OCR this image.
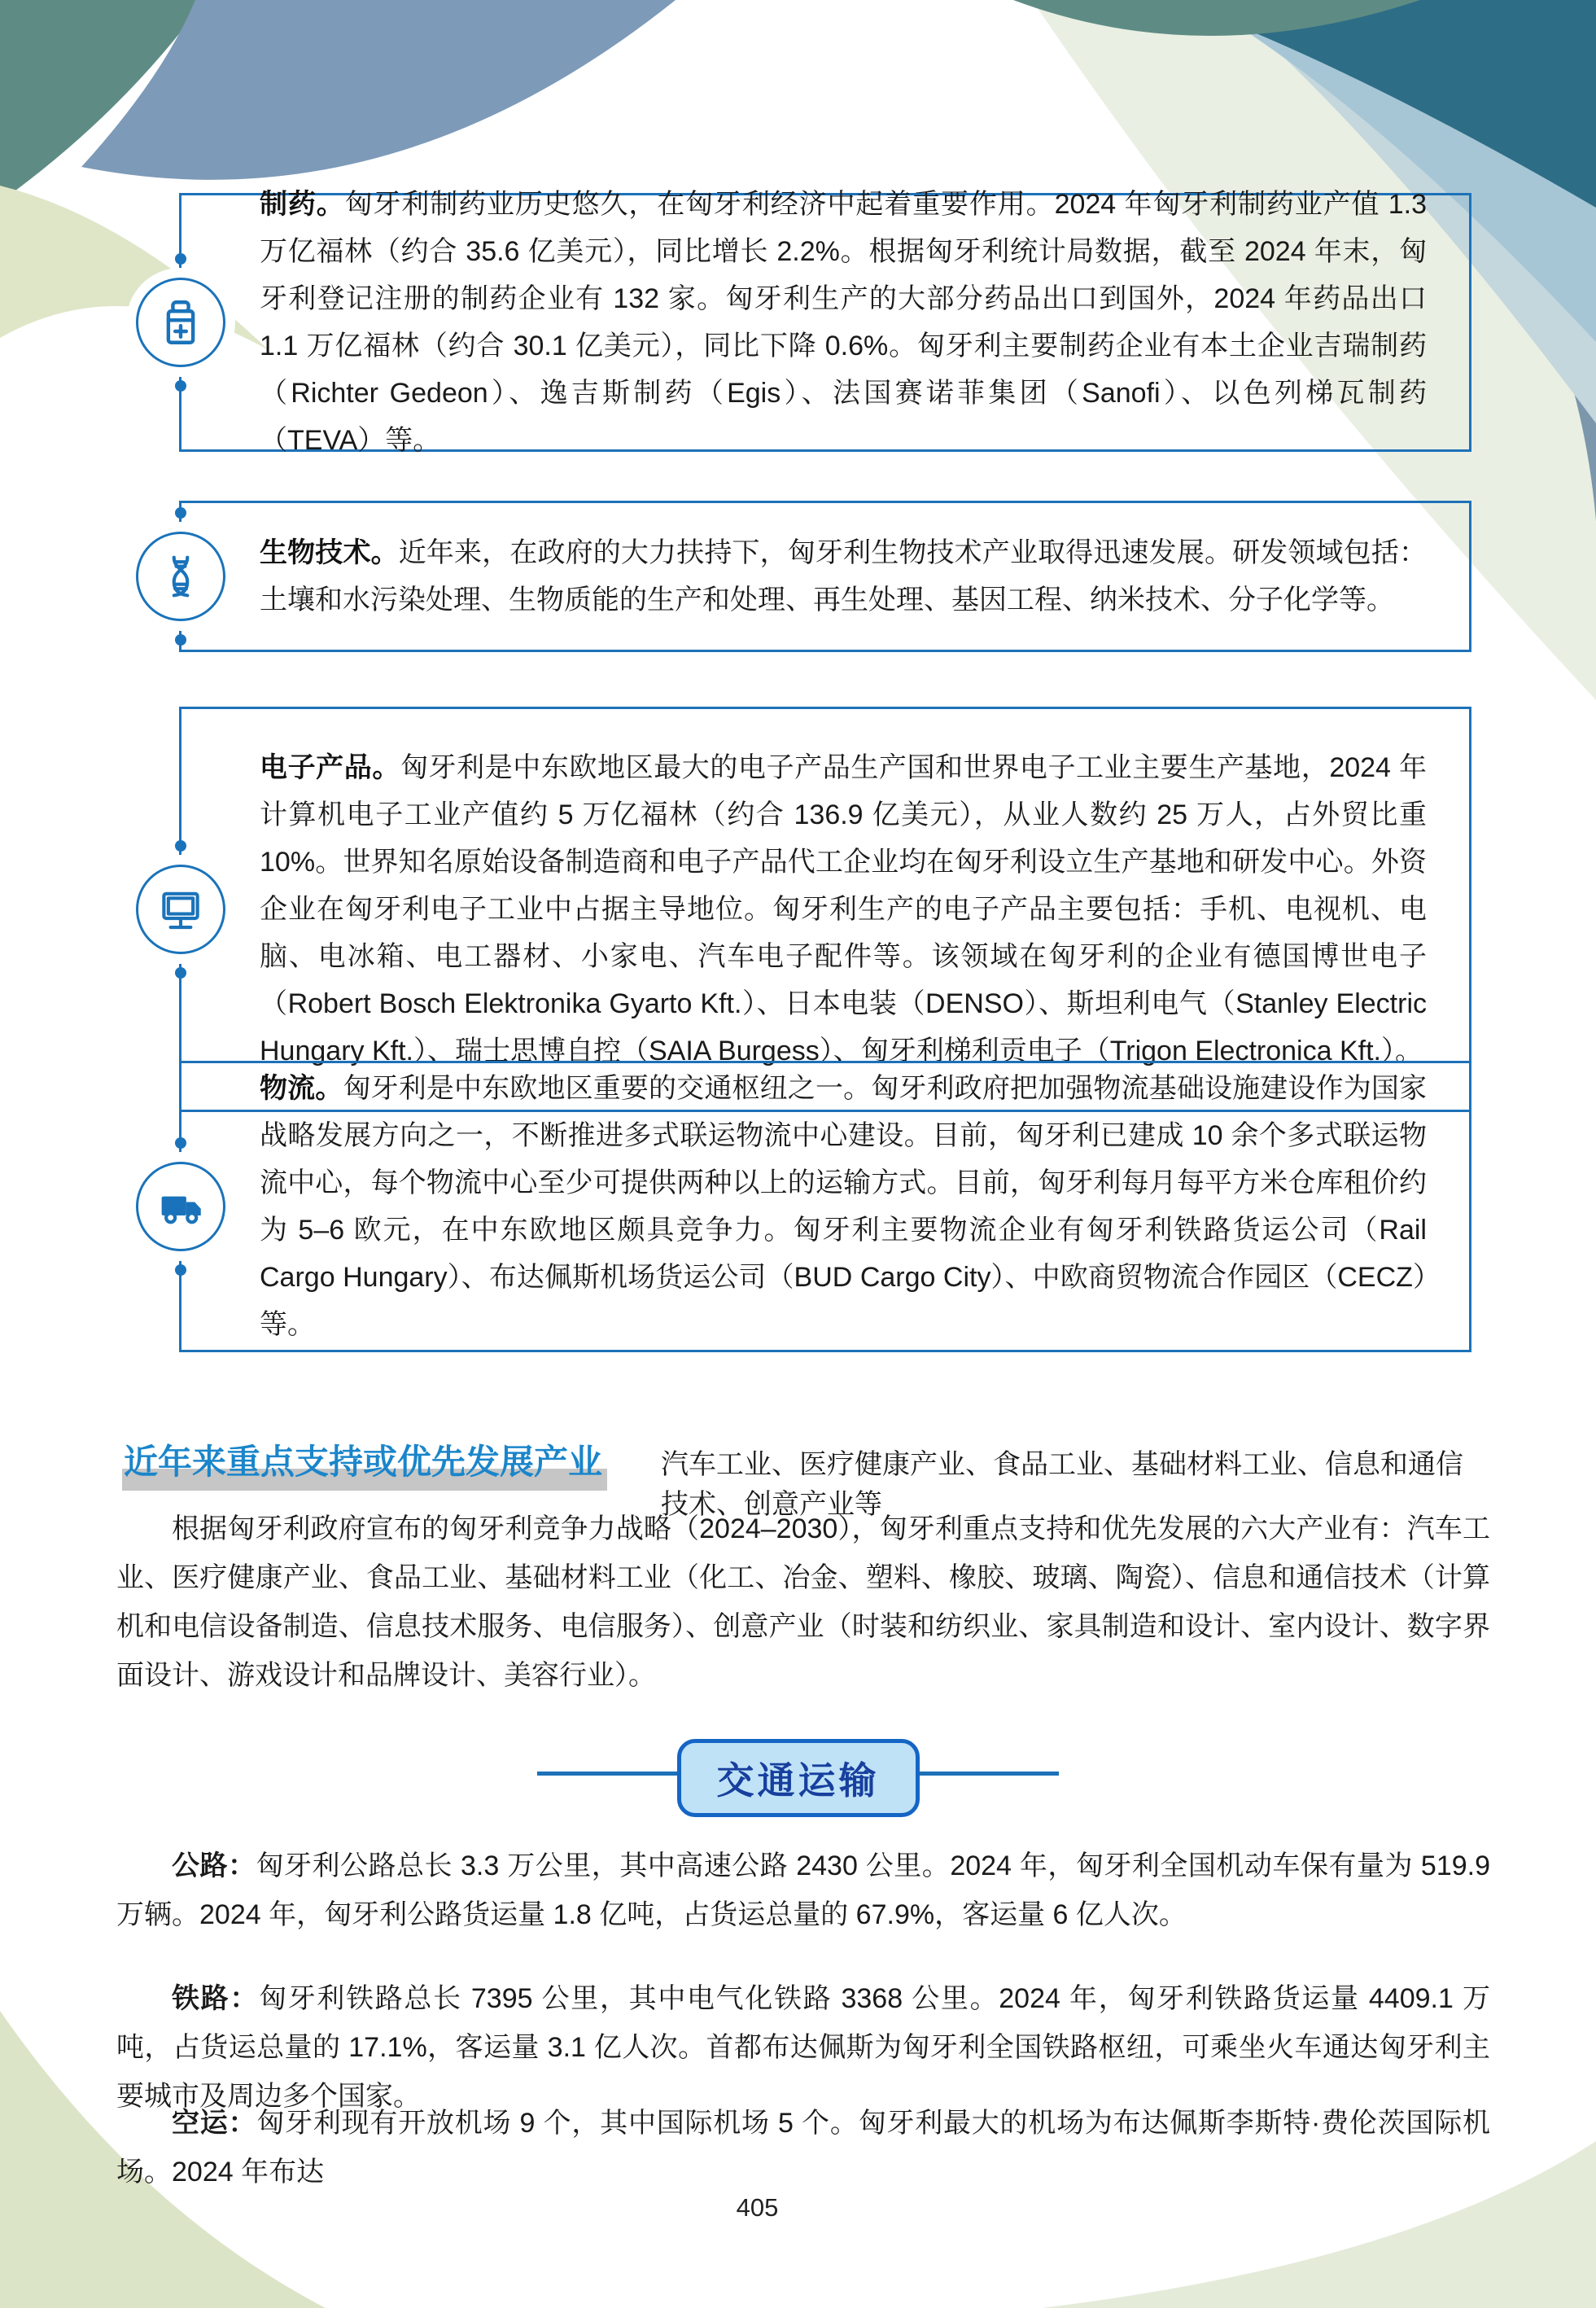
制药。匈牙利制药业历史悠久，在匈牙利经济中起着重要作用。2024 年匈牙利制药业产值 1.3 万亿福林（约合 35.6 亿美元），同比增长 2.2%。根据匈牙利统计局数据，截至 2024 年末，匈牙利登记注册的制药企业有 132 家。匈牙利生产的大部分药品出口到国外，2024 年药品出口 1.1 万亿福林（约合 30.1 亿美元），同比下降 0.6%。匈牙利主要制药企业有本土企业吉瑞制药（Richter Gedeon）、逸吉斯制药（Egis）、法国赛诺菲集团（Sanofi）、以色列梯瓦制药（TEVA）等。

生物技术。近年来，在政府的大力扶持下，匈牙利生物技术产业取得迅速发展。研发领域包括：土壤和水污染处理、生物质能的生产和处理、再生处理、基因工程、纳米技术、分子化学等。

电子产品。匈牙利是中东欧地区最大的电子产品生产国和世界电子工业主要生产基地，2024 年计算机电子工业产值约 5 万亿福林（约合 136.9 亿美元），从业人数约 25 万人，占外贸比重 10%。世界知名原始设备制造商和电子产品代工企业均在匈牙利设立生产基地和研发中心。外资企业在匈牙利电子工业中占据主导地位。匈牙利生产的电子产品主要包括：手机、电视机、电脑、电冰箱、电工器材、小家电、汽车电子配件等。该领域在匈牙利的企业有德国博世电子（Robert Bosch Elektronika Gyarto Kft.）、日本电装（DENSO）、斯坦利电气（Stanley Electric Hungary Kft.）、瑞士思博自控（SAIA Burgess）、匈牙利梯利贡电子（Trigon Electronica Kft.）。

物流。匈牙利是中东欧地区重要的交通枢纽之一。匈牙利政府把加强物流基础设施建设作为国家战略发展方向之一，不断推进多式联运物流中心建设。目前，匈牙利已建成 10 余个多式联运物流中心，每个物流中心至少可提供两种以上的运输方式。目前，匈牙利每月每平方米仓库租价约为 5–6 欧元，在中东欧地区颇具竞争力。匈牙利主要物流企业有匈牙利铁路货运公司（Rail Cargo Hungary）、布达佩斯机场货运公司（BUD Cargo City）、中欧商贸物流合作园区（CECZ）等。

近年来重点支持或优先发展产业 汽车工业、医疗健康产业、食品工业、基础材料工业、信息和通信技术、创意产业等

根据匈牙利政府宣布的匈牙利竞争力战略（2024–2030），匈牙利重点支持和优先发展的六大产业有：汽车工业、医疗健康产业、食品工业、基础材料工业（化工、冶金、塑料、橡胶、玻璃、陶瓷）、信息和通信技术（计算机和电信设备制造、信息技术服务、电信服务）、创意产业（时装和纺织业、家具制造和设计、室内设计、数字界面设计、游戏设计和品牌设计、美容行业）。

交通运输

公路：匈牙利公路总长 3.3 万公里，其中高速公路 2430 公里。2024 年，匈牙利全国机动车保有量为 519.9 万辆。2024 年，匈牙利公路货运量 1.8 亿吨，占货运总量的 67.9%，客运量 6 亿人次。

铁路：匈牙利铁路总长 7395 公里，其中电气化铁路 3368 公里。2024 年，匈牙利铁路货运量 4409.1 万吨，占货运总量的 17.1%，客运量 3.1 亿人次。首都布达佩斯为匈牙利全国铁路枢纽，可乘坐火车通达匈牙利主要城市及周边多个国家。

空运：匈牙利现有开放机场 9 个，其中国际机场 5 个。匈牙利最大的机场为布达佩斯李斯特·费伦茨国际机场。2024 年布达

405
